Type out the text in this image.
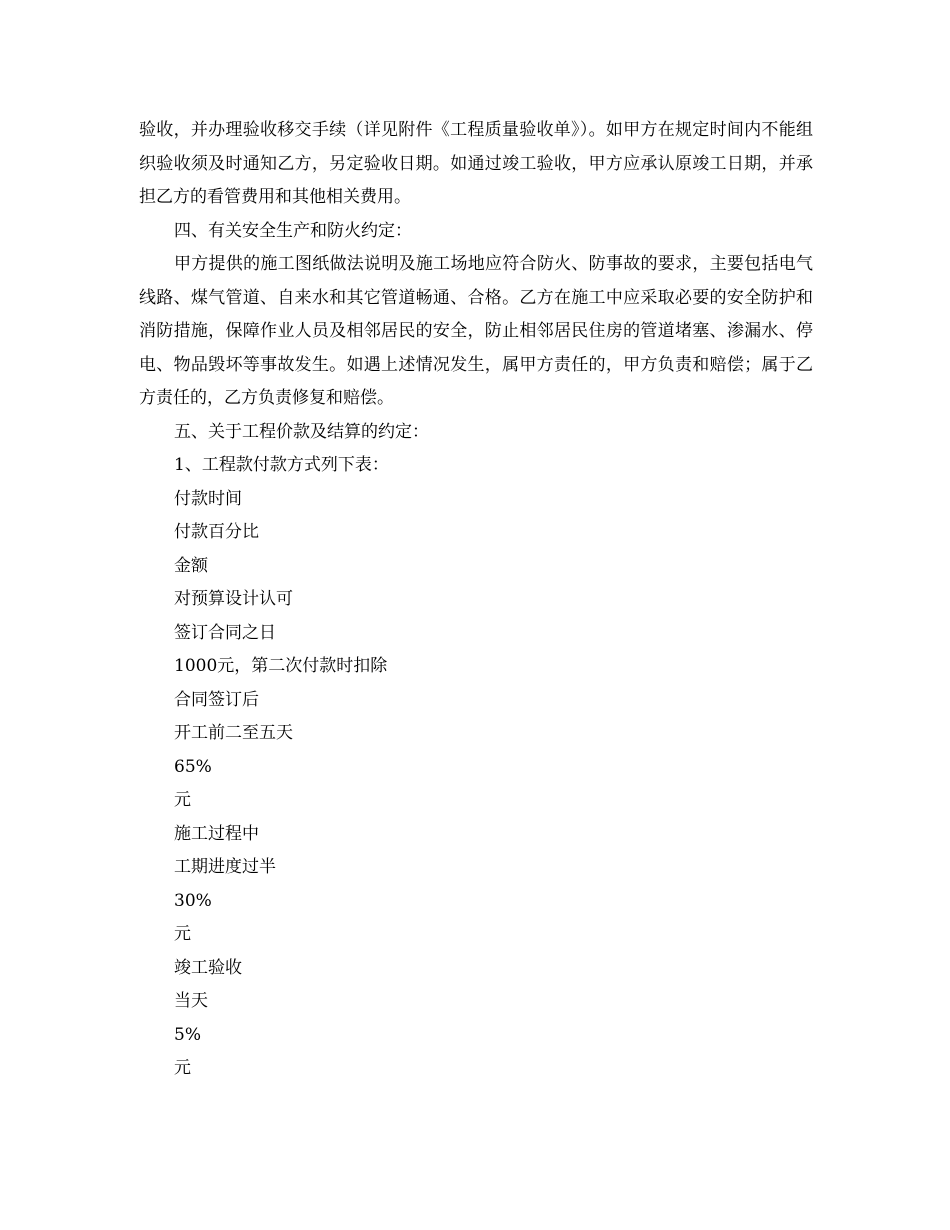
验收，并办理验收移交手续（详见附件《工程质量验收单》）。如甲方在规定时间内不能组织验收须及时通知乙方，另定验收日期。如通过竣工验收，甲方应承认原竣工日期，并承担乙方的看管费用和其他相关费用。

四、有关安全生产和防火约定：

甲方提供的施工图纸做法说明及施工场地应符合防火、防事故的要求，主要包括电气线路、煤气管道、自来水和其它管道畅通、合格。乙方在施工中应采取必要的安全防护和消防措施，保障作业人员及相邻居民的安全，防止相邻居民住房的管道堵塞、渗漏水、停电、物品毁坏等事故发生。如遇上述情况发生，属甲方责任的，甲方负责和赔偿；属于乙方责任的，乙方负责修复和赔偿。

五、关于工程价款及结算的约定：

1、工程款付款方式列下表：

付款时间

付款百分比

金额

对预算设计认可

签订合同之日

1000元，第二次付款时扣除

合同签订后

开工前二至五天

65%

元

施工过程中

工期进度过半

30%

元

竣工验收

当天

5%

元
